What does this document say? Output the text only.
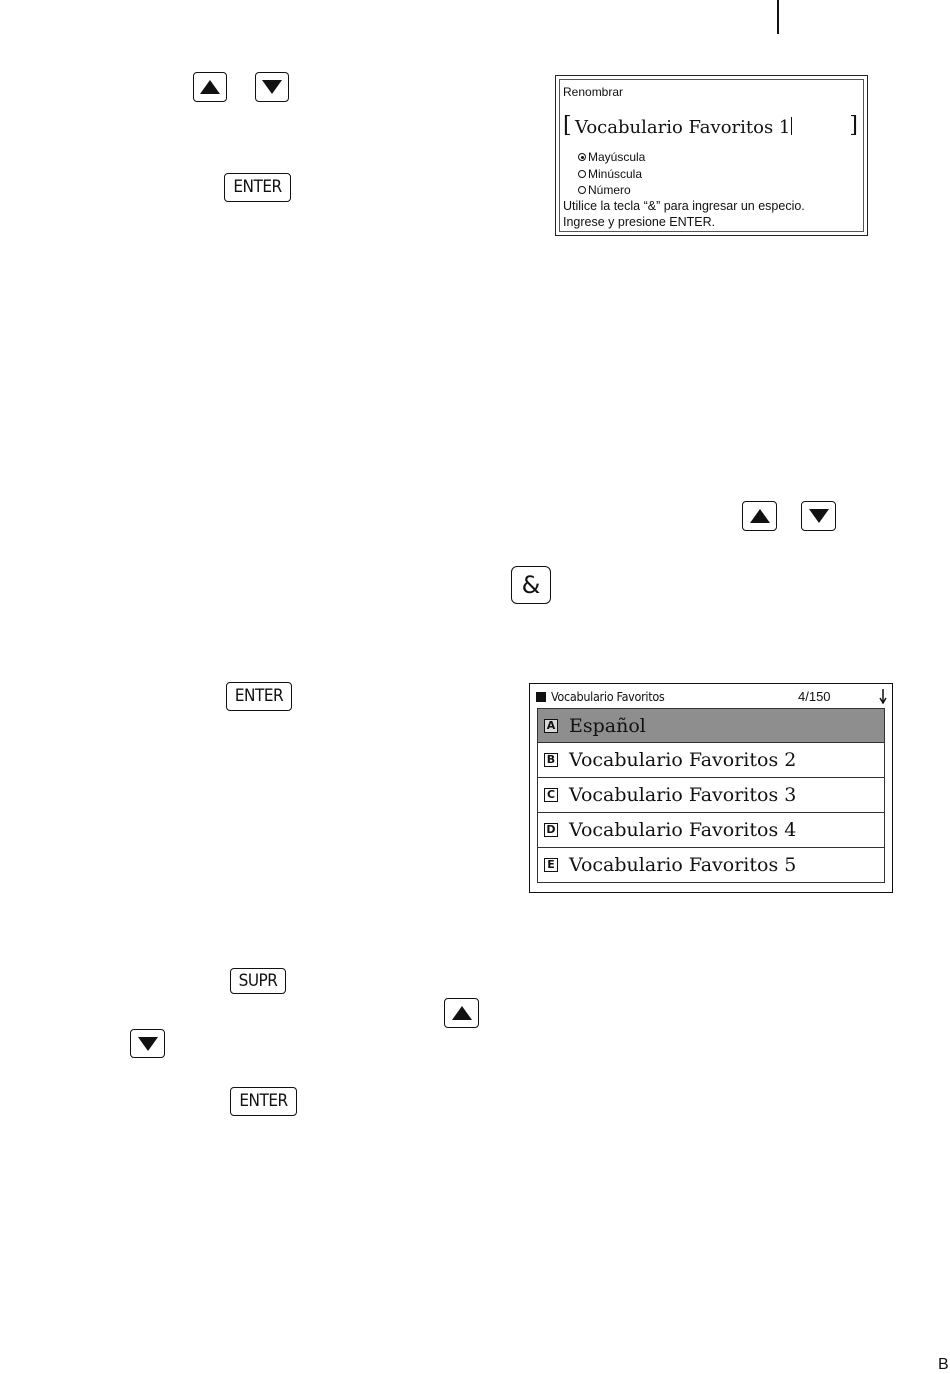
ENTER
Renombrar
[ Vocabulario Favoritos 1	]
Mayúscula
Minúscula
Número
Utilice la tecla “&” para ingresar un especio.
Ingrese y presione ENTER.
&
ENTER	Vocabulario Favoritos	4/150
A Español
B Vocabulario Favoritos 2
C Vocabulario Favoritos 3
D Vocabulario Favoritos 4
E Vocabulario Favoritos 5
SUPR
ENTER
B
